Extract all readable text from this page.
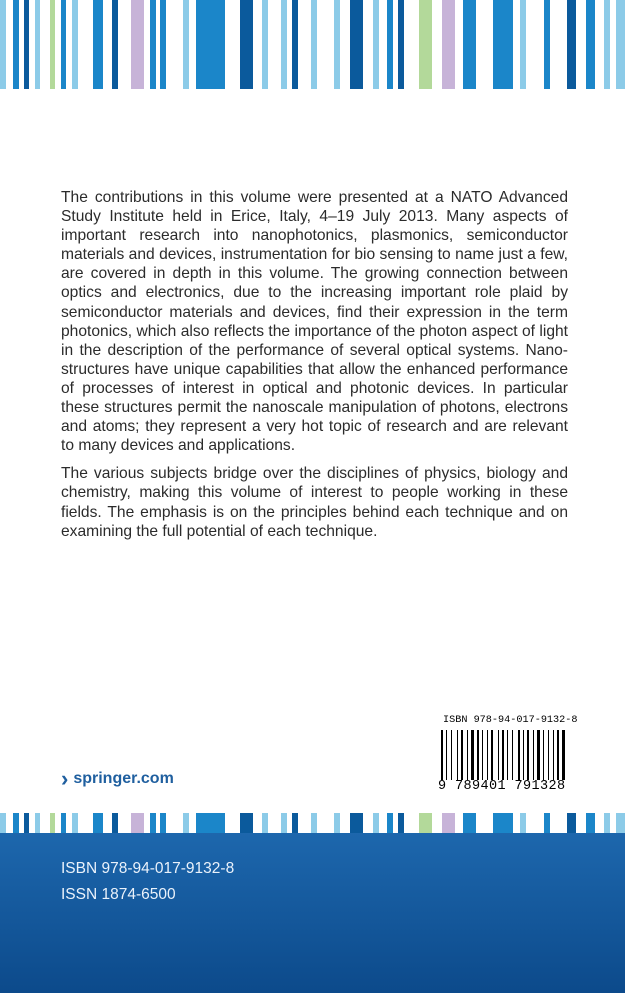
The contributions in this volume were presented at a NATO Advanced Study Institute held in Erice, Italy, 4–19 July 2013. Many aspects of important research into nanophotonics, plasmonics, semiconductor materials and devices, instrumentation for bio sensing to name just a few, are covered in depth in this volume. The growing connection between optics and electronics, due to the increasing important role plaid by semiconductor materials and devices, find their expression in the term photonics, which also reflects the importance of the photon aspect of light in the description of the performance of several optical systems. Nano-structures have unique capabilities that allow the enhanced performance of processes of interest in optical and photonic devices. In particular these structures permit the nanoscale manipulation of photons, electrons and atoms; they represent a very hot topic of research and are relevant to many devices and applications.

The various subjects bridge over the disciplines of physics, biology and chemistry, making this volume of interest to people working in these fields. The emphasis is on the principles behind each technique and on examining the full potential of each technique.

› springer.com
ISBN 978-94-017-9132-8
9 789401 791328
ISBN 978-94-017-9132-8
ISSN 1874-6500
